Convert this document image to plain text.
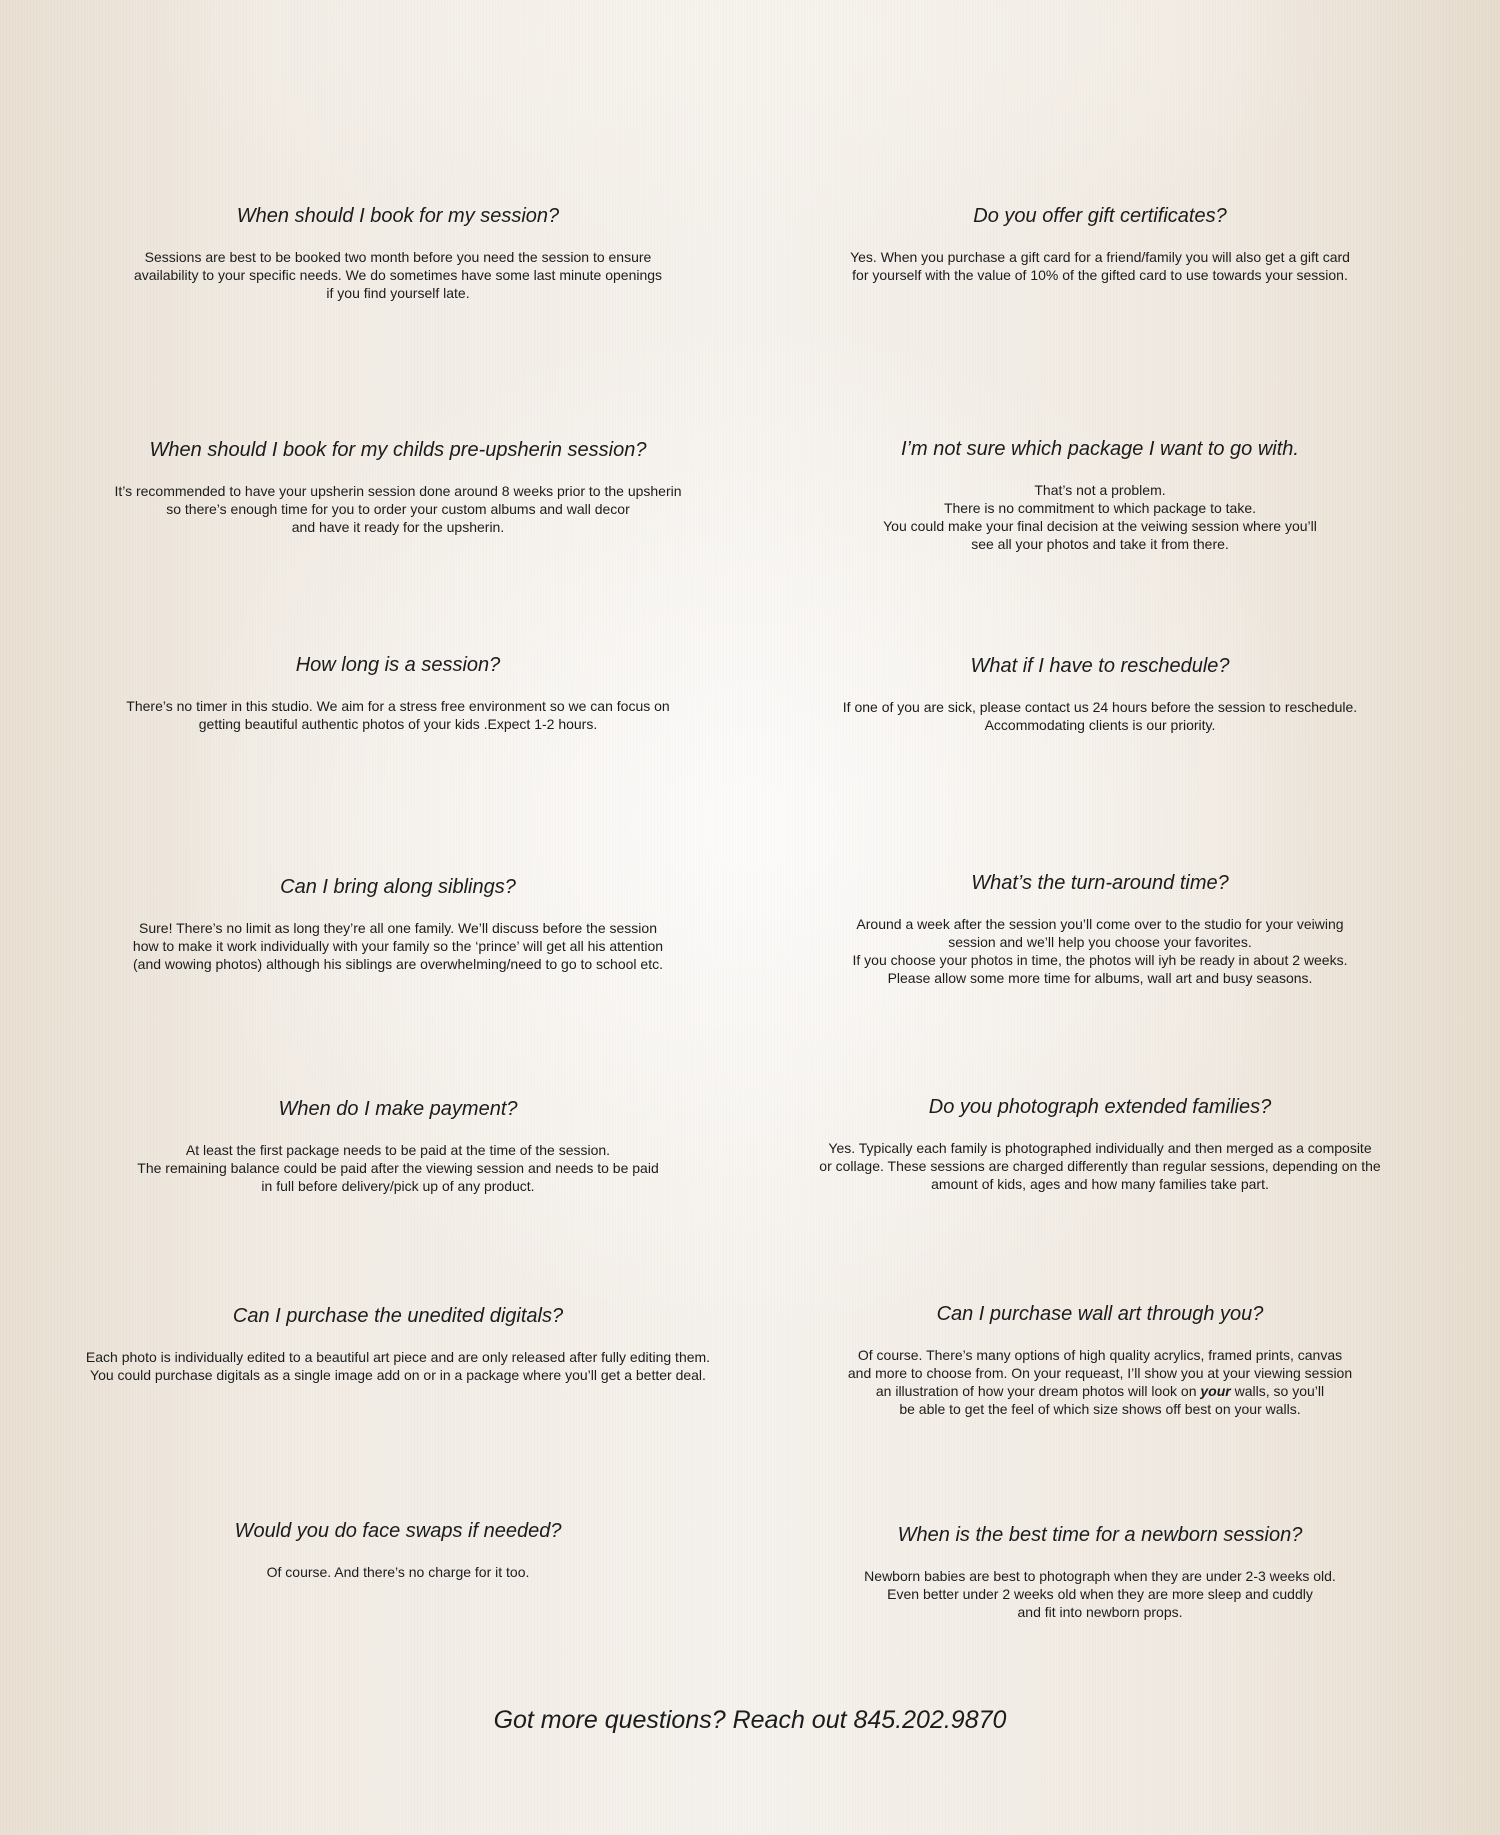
When should I book for my session?
Sessions are best to be booked two month before you need the session to ensure
availability to your specific needs. We do sometimes have some last minute openings
if you find yourself late.
When should I book for my childs pre-upsherin session?
It’s recommended to have your upsherin session done around 8 weeks prior to the upsherin
so there’s enough time for you to order your custom albums and wall decor
and have it ready for the upsherin.
How long is a session?
There’s no timer in this studio. We aim for a stress free environment so we can focus on
getting beautiful authentic photos of your kids .Expect 1-2 hours.
Can I bring along siblings?
Sure! There’s no limit as long they’re all one family. We’ll discuss before the session
how to make it work individually with your family so the ‘prince’ will get all his attention
(and wowing photos) although his siblings are overwhelming/need to go to school etc.
When do I make payment?
At least the first package needs to be paid at the time of the session.
The remaining balance could be paid after the viewing session and needs to be paid
in full before delivery/pick up of any product.
Can I purchase the unedited digitals?
Each photo is individually edited to a beautiful art piece and are only released after fully editing them.
You could purchase digitals as a single image add on or in a package where you’ll get a better deal.
Would you do face swaps if needed?
Of course. And there’s no charge for it too.
Do you offer gift certificates?
Yes. When you purchase a gift card for a friend/family you will also get a gift card
for yourself with the value of 10% of the gifted card to use towards your session.
I’m not sure which package I want to go with.
That’s not a problem.
There is no commitment to which package to take.
You could make your final decision at the veiwing session where you’ll
see all your photos and take it from there.
What if I have to reschedule?
If one of you are sick, please contact us 24 hours before the session to reschedule.
Accommodating clients is our priority.
What’s the turn-around time?
Around a week after the session you’ll come over to the studio for your veiwing
session and we’ll help you choose your favorites.
If you choose your photos in time, the photos will iyh be ready in about 2 weeks.
Please allow some more time for albums, wall art and busy seasons.
Do you photograph extended families?
Yes. Typically each family is photographed individually and then merged as a composite
or collage. These sessions are charged differently than regular sessions, depending on the
amount of kids, ages and how many families take part.
Can I purchase wall art through you?
Of course. There’s many options of high quality acrylics, framed prints, canvas
and more to choose from. On your requeast, I’ll show you at your viewing session
an illustration of how your dream photos will look on your walls, so you’ll
be able to get the feel of which size shows off best on your walls.
When is the best time for a newborn session?
Newborn babies are best to photograph when they are under 2-3 weeks old.
Even better under 2 weeks old when they are more sleep and cuddly
and fit into newborn props.
Got more questions? Reach out 845.202.9870
